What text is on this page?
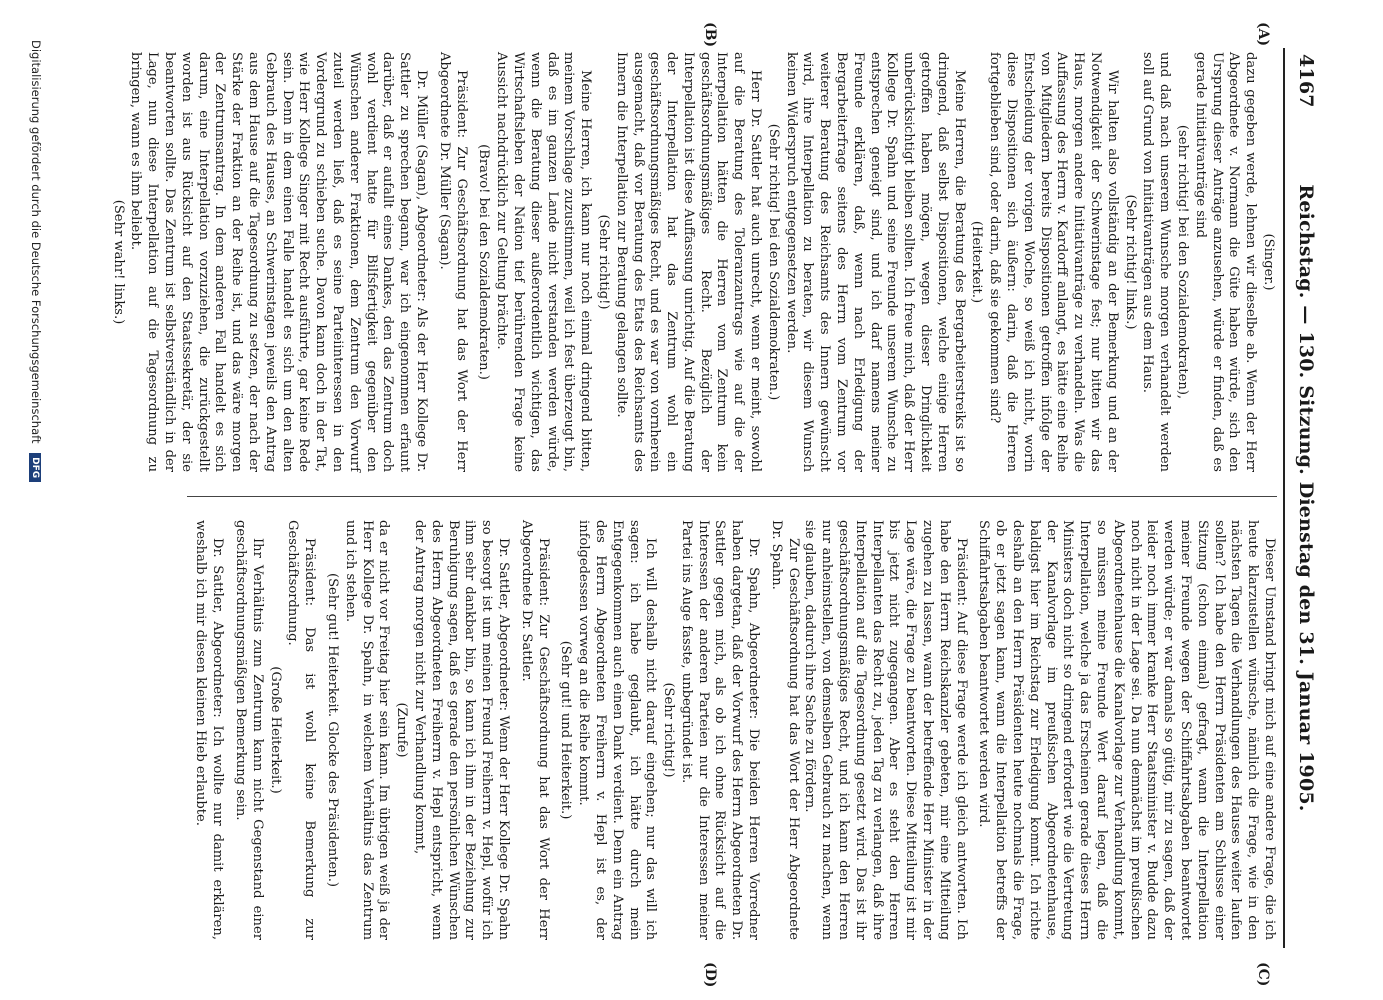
4167
Reichstag. — 130. Sitzung. Dienstag den 31. Januar 1905.
(A)
(B)
(C)
(D)

(Singer.)

dazu gegeben werde, lehnen wir dieselbe ab. Wenn der Herr Abgeordnete v. Normann die Güte haben würde, sich den Ursprung dieser Anträge anzusehen, würde er finden, daß es gerade Initiativanträge sind

(sehr richtig! bei den Sozialdemokraten),

und daß nach unserem Wunsche morgen verhandelt werden soll auf Grund von Initiativanträgen aus dem Haus.

(Sehr richtig! links.)

Wir halten also vollständig an der Bemerkung und an der Notwendigkeit der Schwerinstage fest; nur bitten wir das Haus, morgen andere Initiativanträge zu verhandeln. Was die Auffassung des Herrn v. Kardorff anlangt, es hätte eine Reihe von Mitgliedern bereits Dispositionen getroffen infolge der Entscheidung der vorigen Woche, so weiß ich nicht, worin diese Dispositionen sich äußern: darin, daß die Herren fortgeblieben sind, oder darin, daß sie gekommen sind?

(Heiterkeit.)

Meine Herren, die Beratung des Bergarbeiterstreiks ist so dringend, daß selbst Dispositionen, welche einige Herren getroffen haben mögen, wegen dieser Dringlichkeit unberücksichtigt bleiben sollten. Ich freue mich, daß der Herr Kollege Dr. Spahn und seine Freunde unserem Wunsche zu entsprechen geneigt sind, und ich darf namens meiner Freunde erklären, daß, wenn nach Erledigung der Bergarbeiterfrage seitens des Herrn vom Zentrum vor weiterer Beratung des Reichsamts des Innern gewünscht wird, ihre Interpellation zu beraten, wir diesem Wunsch keinen Widerspruch entgegensetzen werden.

(Sehr richtig! bei den Sozialdemokraten.)

Herr Dr. Sattler hat auch unrecht, wenn er meint, sowohl auf die Beratung des Toleranzantrags wie auf die der Interpellation hätten die Herren vom Zentrum kein geschäftsordnungsmäßiges Recht. Bezüglich der Interpellation ist diese Auffassung unrichtig. Auf die Beratung der Interpellation hat das Zentrum wohl ein geschäftsordnungsmäßiges Recht, und es war von vornherein ausgemacht, daß vor Beratung des Etats des Reichsamts des Innern die Interpellation zur Beratung gelangen sollte.

(Sehr richtig!)

Meine Herren, ich kann nur noch einmal dringend bitten, meinem Vorschlage zuzustimmen, weil ich fest überzeugt bin, daß es im ganzen Lande nicht verstanden werden würde, wenn die Beratung dieser außerordentlich wichtigen, das Wirtschaftsleben der Nation tief berührenden Frage keine Aussicht nachdrücklich zur Geltung brächte.

(Bravo! bei den Sozialdemokraten.)

Präsident: Zur Geschäftsordnung hat das Wort der Herr Abgeordnete Dr. Müller (Sagan).

Dr. Müller (Sagan), Abgeordneter: Als der Herr Kollege Dr. Sattler zu sprechen begann, war ich eingenommen erfaunt darüber, daß er aufallt eines Dankes, den das Zentrum doch wohl verdient hatte für Bilfsfertigkeit gegenüber den Wünschen anderer Fraktionen, dem Zentrum den Vorwurf zuteil werden ließ, daß es seine Parteiinteressen in den Vordergrund zu schieben suche. Davon kann doch in der Tat, wie Herr Kollege Singer mit Recht ausführte, gar keine Rede sein. Denn in dem einen Falle handelt es sich um den alten Gebrauch des Hauses, an Schwerinstagen jeweils den Antrag aus dem Hause auf die Tagesordnung zu setzen, der nach der Stärke der Fraktion an der Reihe ist, und das wäre morgen der Zentrumsantrag. In dem anderen Fall handelt es sich darum, eine Interpellation vorzuziehen, die zurückgestellt worden ist aus Rücksicht auf den Staatssekretär, der sie beantworten sollte. Das Zentrum ist selbstverständlich in der Lage, nun diese Interpellation auf die Tagesordnung zu bringen, wann es ihm beliebt.

(Sehr wahr! links.)

Dieser Umstand bringt mich auf eine andere Frage, die ich heute klarzustellen wünsche, nämlich die Frage, wie in den nächsten Tagen die Verhandlungen des Hauses weiter laufen sollen? Ich habe den Herrn Präsidenten am Schlusse einer Sitzung (schon einmal) gefragt, wann die Interpellation meiner Freunde wegen der Schiffahrtsabgaben beantwortet werden würde; er war damals so gütig, mir zu sagen, daß der leider noch immer kranke Herr Staatsminister v. Budde dazu noch nicht in der Lage sei. Da nun demnächst im preußischen Abgeordnetenhause die Kanalvorlage zur Verhandlung kommt, so müssen meine Freunde Wert darauf legen, daß die Interpellation, welche ja das Erscheinen gerade dieses Herrn Ministers doch nicht so dringend erfordert wie die Vertretung der Kanalvorlage im preußischen Abgeordnetenhause, baldigst hier im Reichstag zur Erledigung kommt. Ich richte deshalb an den Herrn Präsidenten heute nochmals die Frage, ob er jetzt sagen kann, wann die Interpellation betreffs der Schiffahrtsabgaben beantwortet werden wird.

Präsident: Auf diese Frage werde ich gleich antworten. Ich habe den Herrn Reichskanzler gebeten, mir eine Mitteilung zugehen zu lassen, wann der betreffende Herr Minister in der Lage wäre, die Frage zu beantworten. Diese Mitteilung ist mir bis jetzt nicht zugegangen. Aber es steht den Herren Interpellanten das Recht zu, jeden Tag zu verlangen, daß ihre Interpellation auf die Tagesordnung gesetzt wird. Das ist ihr geschäftsordnungsmäßiges Recht, und ich kann den Herren nur anheimstellen, von demselben Gebrauch zu machen, wenn sie glauben, dadurch ihre Sache zu fördern.

Zur Geschäftsordnung hat das Wort der Herr Abgeordnete Dr. Spahn.

Dr. Spahn, Abgeordneter: Die beiden Herren Vorredner haben dargetan, daß der Vorwurf des Herrn Abgeordneten Dr. Sattler gegen mich, als ob ich ohne Rücksicht auf die Interessen der anderen Parteien nur die Interessen meiner Partei ins Auge fasste, unbegründet ist.

(Sehr richtig!)

Ich will deshalb nicht darauf eingehen; nur das will ich sagen: ich habe geglaubt, ich hätte durch mein Entgegenkommen auch einen Dank verdient. Denn ein Antrag des Herrn Abgeordneten Freiherrn v. Hepl ist es, der infolgedessen vorweg an die Reihe kommt.

(Sehr gut! und Heiterkeit.)

Präsident: Zur Geschäftsordnung hat das Wort der Herr Abgeordnete Dr. Sattler.

Dr. Sattler, Abgeordneter: Wenn der Herr Kollege Dr. Spahn so besorgt ist um meinen Freund Freiherrn v. Hepl, wofür ich ihm sehr dankbar bin, so kann ich ihm in der Beziehung zur Beruhigung sagen, daß es gerade den persönlichen Wünschen des Herrn Abgeordneten Freiherrn v. Hepl entspricht, wenn der Antrag morgen nicht zur Verhandlung kommt,

(Zurufe)

da er nicht vor Freitag hier sein kann. Im übrigen weiß ja der Herr Kollege Dr. Spahn, in welchem Verhältnis das Zentrum und ich stehen.

(Sehr gut! Heiterkeit. Glocke des Präsidenten.)

Präsident: Das ist wohl keine Bemerkung zur Geschäftsordnung.

(Große Heiterkeit.)

Ihr Verhältnis zum Zentrum kann nicht Gegenstand einer geschäftsordnungsmäßigen Bemerkung sein.

Dr. Sattler, Abgeordneter: Ich wollte nur damit erklären, weshalb ich mir diesen kleinen Hieb erlaubte.

Digitalisierung gefördert durch die Deutsche Forschungsgemeinschaft DFG
